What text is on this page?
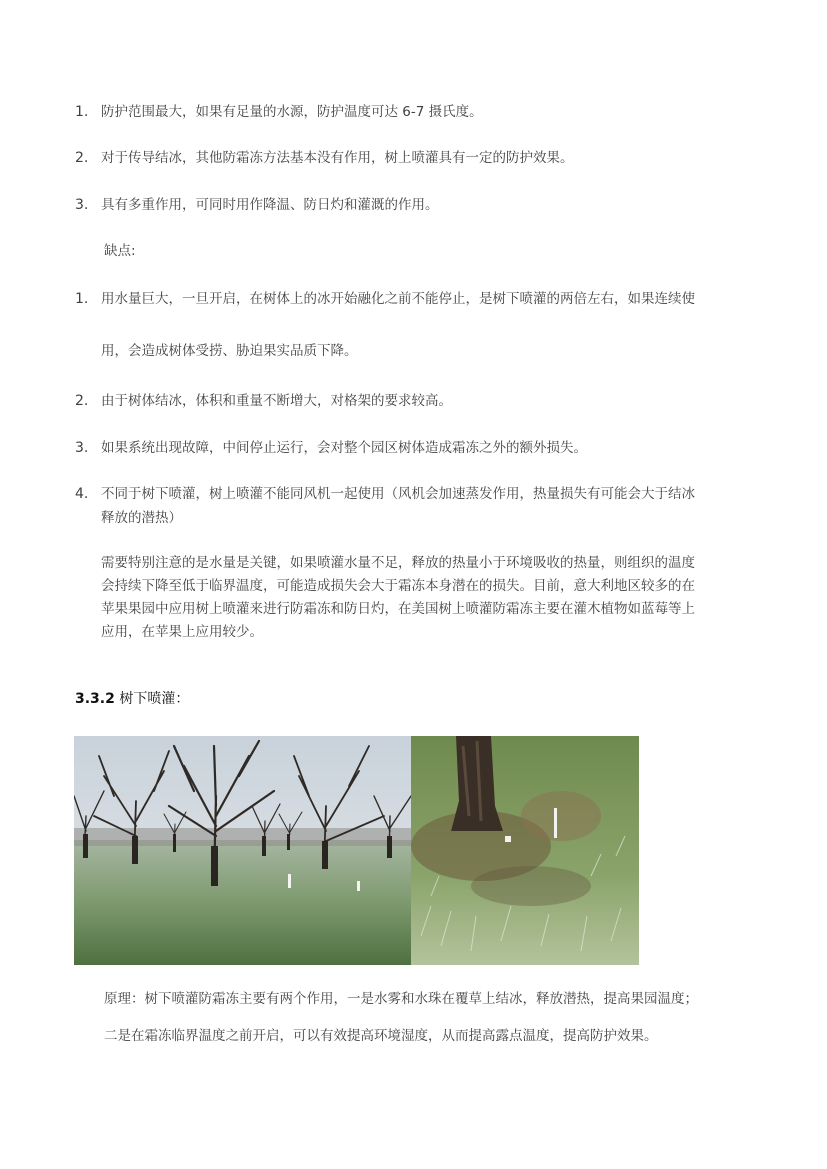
1. 防护范围最大，如果有足量的水源，防护温度可达 6-7 摄氏度。
2. 对于传导结冰，其他防霜冻方法基本没有作用，树上喷灌具有一定的防护效果。
3. 具有多重作用，可同时用作降温、防日灼和灌溉的作用。
缺点:
1. 用水量巨大，一旦开启，在树体上的冰开始融化之前不能停止，是树下喷灌的两倍左右，如果连续使
用，会造成树体受捞、胁迫果实品质下降。
2. 由于树体结冰，体积和重量不断增大，对格架的要求较高。
3. 如果系统出现故障，中间停止运行，会对整个园区树体造成霜冻之外的额外损失。
4. 不同于树下喷灌，树上喷灌不能同风机一起使用（风机会加速蒸发作用，热量损失有可能会大于结冰
释放的潜热）
需要特别注意的是水量是关键，如果喷灌水量不足，释放的热量小于环境吸收的热量，则组织的温度
会持续下降至低于临界温度，可能造成损失会大于霜冻本身潜在的损失。目前，意大利地区较多的在
苹果果园中应用树上喷灌来进行防霜冻和防日灼，在美国树上喷灌防霜冻主要在灌木植物如蓝莓等上
应用，在苹果上应用较少。
3.3.2 树下喷灌：
原理：树下喷灌防霜冻主要有两个作用，一是水雾和水珠在覆草上结冰，释放潜热，提高果园温度；
二是在霜冻临界温度之前开启，可以有效提高环境湿度，从而提高露点温度，提高防护效果。
